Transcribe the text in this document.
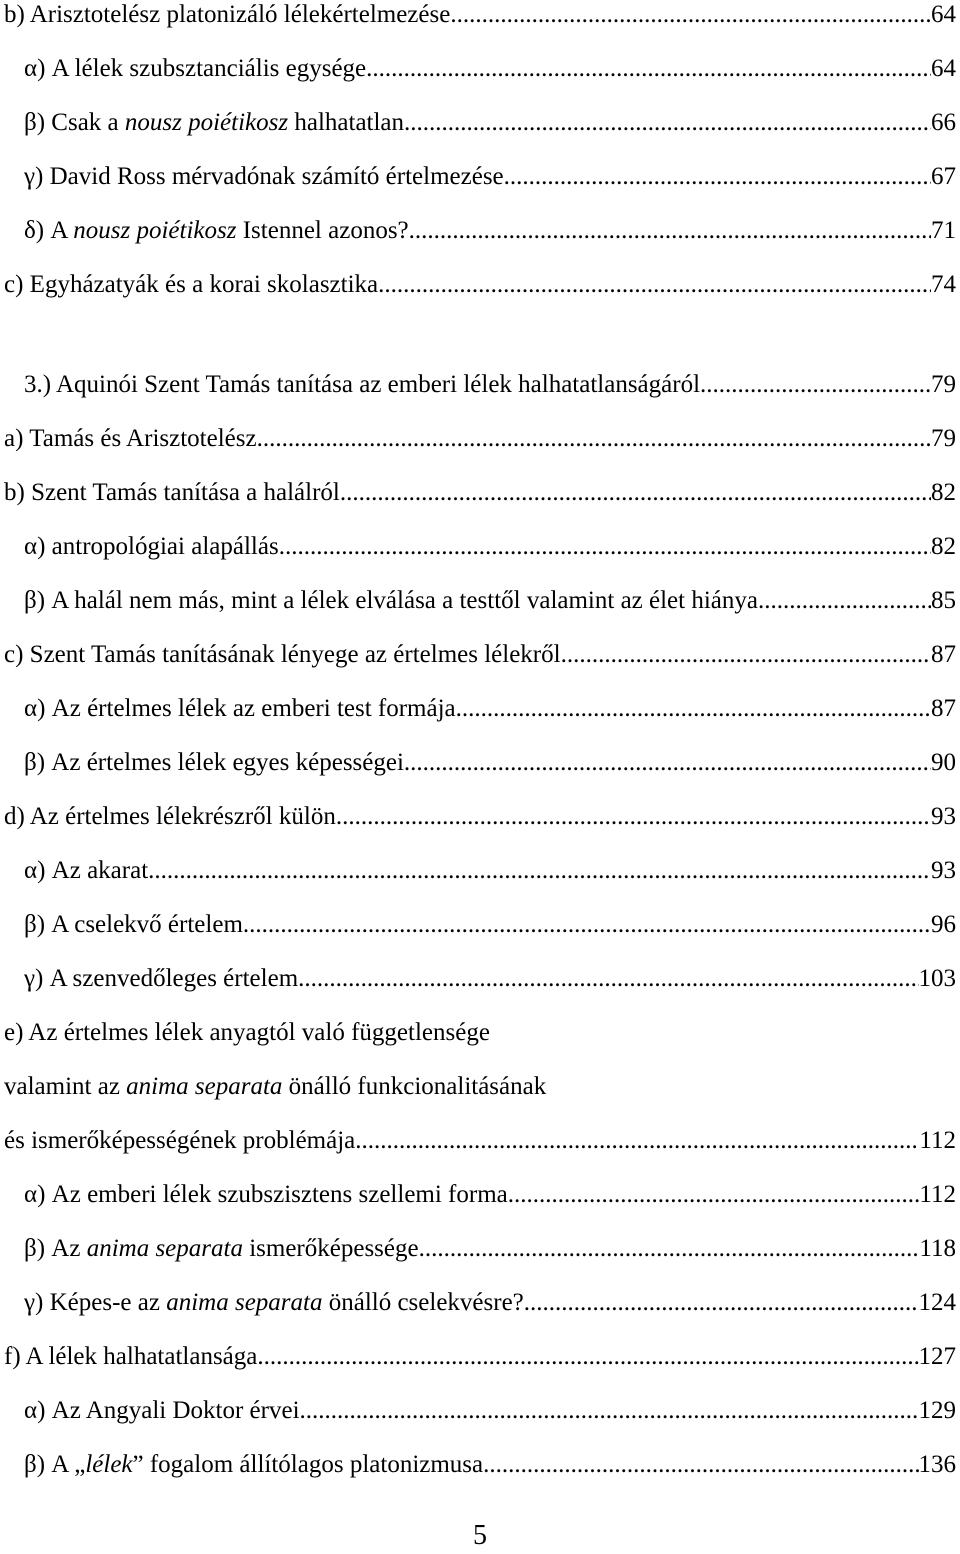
b) Arisztotelész platonizáló lélekértelmezése .....	64
α) A lélek szubsztanciális egysége .....	64
β) Csak a nousz poiétikosz halhatatlan .....	66
γ) David Ross mérvadónak számító értelmezése .....	67
δ) A nousz poiétikosz Istennel azonos? .....	71
c) Egyházatyák és a korai skolasztika .....	74
3.) Aquinói Szent Tamás tanítása az emberi lélek halhatatlanságáról .....	79
a) Tamás és Arisztotelész .....	79
b) Szent Tamás tanítása a halálról .....	82
α) antropológiai alapállás .....	82
β) A halál nem más, mint a lélek elválása a testtől valamint az élet hiánya .....	85
c) Szent Tamás tanításának lényege az értelmes lélekről .....	87
α) Az értelmes lélek az emberi test formája .....	87
β) Az értelmes lélek egyes képességei .....	90
d) Az értelmes lélekrészről külön .....	93
α) Az akarat .....	93
β) A cselekvő értelem .....	96
γ) A szenvedőleges értelem .....	103
e) Az értelmes lélek anyagtól való függetlensége
valamint az anima separata önálló funkcionalitásának
és ismerőképességének problémája .....	112
α) Az emberi lélek szubszisztens szellemi forma .....	112
β) Az anima separata ismerőképessége .....	118
γ) Képes-e az anima separata önálló cselekvésre? .....	124
f) A lélek halhatatlansága .....	127
α) Az Angyali Doktor érvei .....	129
β) A „lélek” fogalom állítólagos platonizmusa .....	136
5
